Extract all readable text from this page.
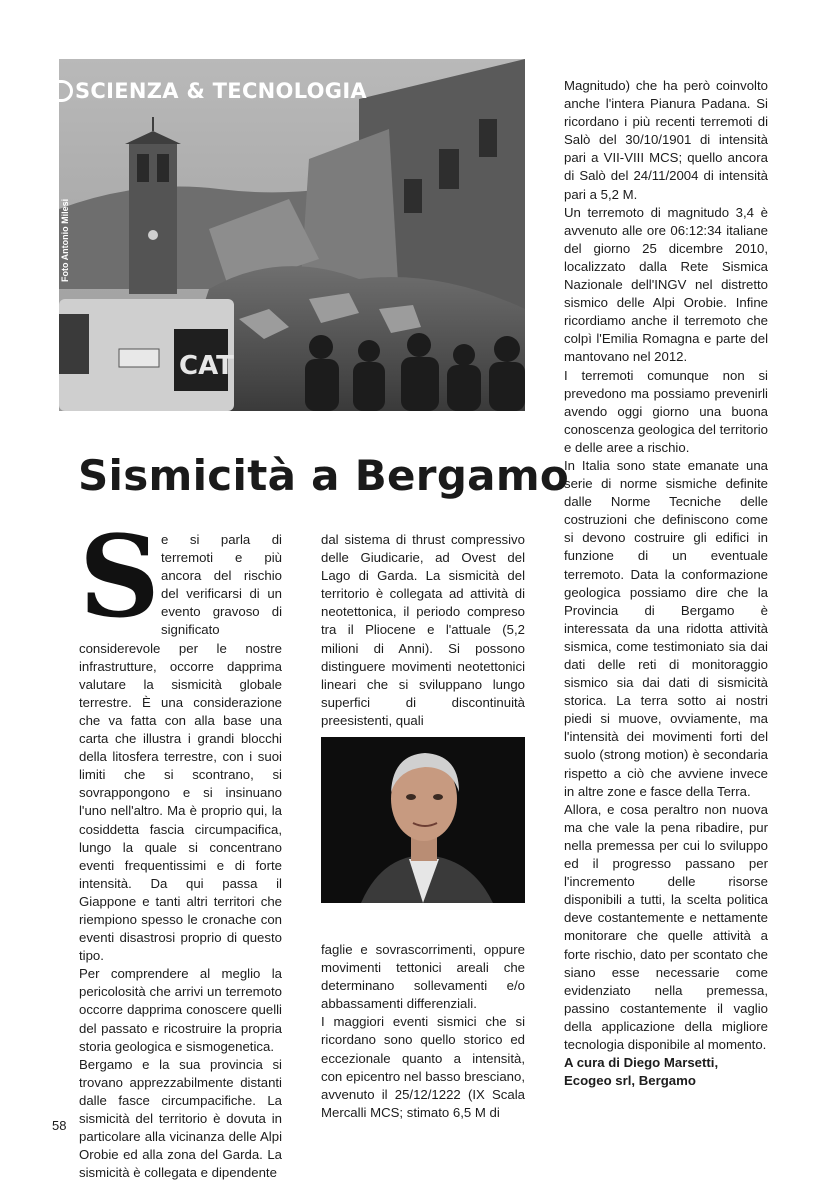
CAT
SCIENZA & TECNOLOGIA
Foto Antonio Milesi
Sismicità a Bergamo
S e si parla di terremoti e più ancora del rischio del verificarsi di un evento gravoso di significato considerevole per le nostre infrastrutture, occorre dapprima valutare la sismicità globale terrestre. È una considerazione che va fatta con alla base una carta che illustra i grandi blocchi della litosfera terrestre, con i suoi limiti che si scontrano, si sovrappongono e si insinuano l'uno nell'altro. Ma è proprio qui, la cosiddetta fascia circumpacifica, lungo la quale si concentrano eventi frequentissimi e di forte intensità. Da qui passa il Giappone e tanti altri territori che riempiono spesso le cronache con eventi disastrosi proprio di questo tipo.

Per comprendere al meglio la pericolosità che arrivi un terremoto occorre dapprima conoscere quelli del passato e ricostruire la propria storia geologica e sismogenetica.

Bergamo e la sua provincia si trovano apprezzabilmente distanti dalle fasce circumpacifiche. La sismicità del territorio è dovuta in particolare alla vicinanza delle Alpi Orobie ed alla zona del Garda. La sismicità è collegata e dipendente

dal sistema di thrust compressivo delle Giudicarie, ad Ovest del Lago di Garda. La sismicità del territorio è collegata ad attività di neotettonica, il periodo compreso tra il Pliocene e l'attuale (5,2 milioni di Anni). Si possono distinguere movimenti neotettonici lineari che si sviluppano lungo superfici di discontinuità preesistenti, quali

faglie e sovrascorrimenti, oppure movimenti tettonici areali che determinano sollevamenti e/o abbassamenti differenziali.

I maggiori eventi sismici che si ricordano sono quello storico ed eccezionale quanto a intensità, con epicentro nel basso bresciano, avvenuto il 25/12/1222 (IX Scala Mercalli MCS; stimato 6,5 M di

Magnitudo) che ha però coinvolto anche l'intera Pianura Padana. Si ricordano i più recenti terremoti di Salò del 30/10/1901 di intensità pari a VII-VIII MCS; quello ancora di Salò del 24/11/2004 di intensità pari a 5,2 M.

Un terremoto di magnitudo 3,4 è avvenuto alle ore 06:12:34 italiane del giorno 25 dicembre 2010, localizzato dalla Rete Sismica Nazionale dell'INGV nel distretto sismico delle Alpi Orobie. Infine ricordiamo anche il terremoto che colpì l'Emilia Romagna e parte del mantovano nel 2012.

I terremoti comunque non si prevedono ma possiamo prevenirli avendo oggi giorno una buona conoscenza geologica del territorio e delle aree a rischio.

In Italia sono state emanate una serie di norme sismiche definite dalle Norme Tecniche delle costruzioni che definiscono come si devono costruire gli edifici in funzione di un eventuale terremoto. Data la conformazione geologica possiamo dire che la Provincia di Bergamo è interessata da una ridotta attività sismica, come testimoniato sia dai dati delle reti di monitoraggio sismico sia dai dati di sismicità storica. La terra sotto ai nostri piedi si muove, ovviamente, ma l'intensità dei movimenti forti del suolo (strong motion) è secondaria rispetto a ciò che avviene invece in altre zone e fasce della Terra.

Allora, e cosa peraltro non nuova ma che vale la pena ribadire, pur nella premessa per cui lo sviluppo ed il progresso passano per l'incremento delle risorse disponibili a tutti, la scelta politica deve costantemente e nettamente monitorare che quelle attività a forte rischio, dato per scontato che siano esse necessarie come evidenziato nella premessa, passino costantemente il vaglio della applicazione della migliore tecnologia disponibile al momento.

A cura di Diego Marsetti, Ecogeo srl, Bergamo

58
